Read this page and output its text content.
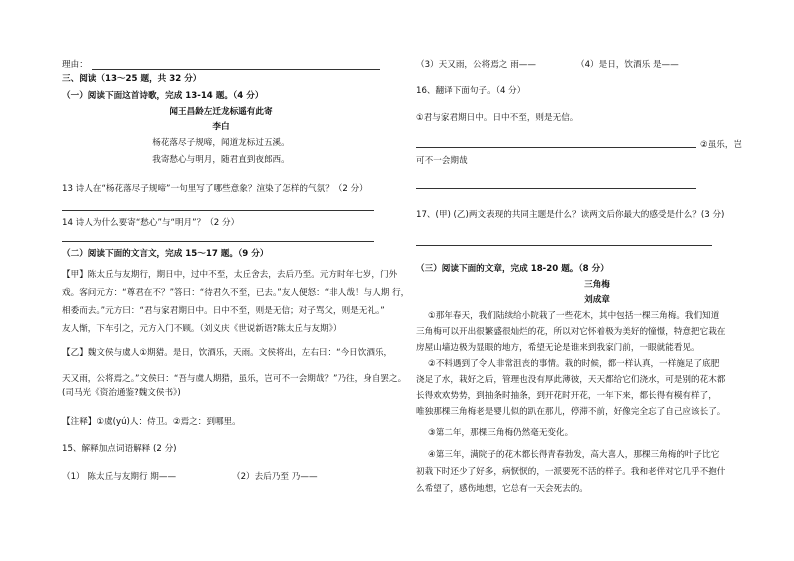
理由：
三、阅读（13～25 题，共 32 分）
（一）阅读下面这首诗歌，完成 13-14 题。（4 分）
闻王昌龄左迁龙标遥有此寄
李白
杨花落尽子规啼，闻道龙标过五溪。
我寄愁心与明月，随君直到夜郎西。
13 诗人在“杨花落尽子规啼”一句里写了哪些意象？渲染了怎样的气氛？（2 分）
14 诗人为什么要寄“愁心”与“明月”？（2 分）
（二）阅读下面的文言文，完成 15～17 题。（9 分）
【甲】陈太丘与友期行，期日中，过中不至，太丘舍去，去后乃至。元方时年七岁，门外
戏。客问元方：“尊君在不？”答曰：“待君久不至，已去。”友人便怒：“非人哉！与人期 行，
相委而去。”元方曰：“君与家君期日中。日中不至，则是无信；对子骂父，则是无礼。”
友人惭，下车引之，元方入门不顾。（刘义庆《世说新语?陈太丘与友期》）
【乙】魏文侯与虞人①期猎。是日，饮酒乐，天雨。文侯将出，左右曰：“今日饮酒乐，
天又雨，公将焉之。”文侯曰：“吾与虞人期猎，虽乐，岂可不一会期哉？”乃往，身自罢之。
(司马光《资治通鉴?魏文侯书》)
【注释】①虞(yú)人：侍卫。②焉之：到哪里。
15、解释加点词语解释 (2 分)
（1） 陈太丘与友期行 期——	（2）去后乃至 乃——
（3）天又雨，公将焉之 雨——	（4）是日，饮酒乐 是——
16、翻译下面句子。（4 分）
①君与家君期日中。日中不至，则是无信。
②虽乐，岂
可不一会期哉
17、(甲) (乙)两文表现的共同主题是什么？读两文后你最大的感受是什么？(3 分)
（三）阅读下面的文章，完成 18-20 题。（8 分）
三角梅
刘成章
①那年春天，我们陆续给小院栽了一些花木，其中包括一棵三角梅。我们知道
三角梅可以开出很繁盛很灿烂的花，所以对它怀着极为美好的憧憬，特意把它栽在
房屋山墙边极为显眼的地方，希望无论是谁来到我家门前，一眼就能看见。
②不料遇到了令人非常沮丧的事情。栽的时候，都一样认真，一样施足了底肥
浇足了水，栽好之后，管理也没有厚此薄彼，天天都给它们浇水，可是别的花木都
长得欢欢势势，到抽条时抽条，到开花时开花，一年下来，都长得有模有样了，
唯独那棵三角梅老是婴儿似的趴在那儿，停滞不前，好像完全忘了自己应该长了。
③第二年，那棵三角梅仍然毫无变化。
④第三年，满院子的花木都长得青春勃发，高大喜人，那棵三角梅的叶子比它
初栽下时还少了好多，病恹恹的，一派要死不活的样子。我和老伴对它几乎不抱什
么希望了，感伤地想，它总有一天会死去的。
